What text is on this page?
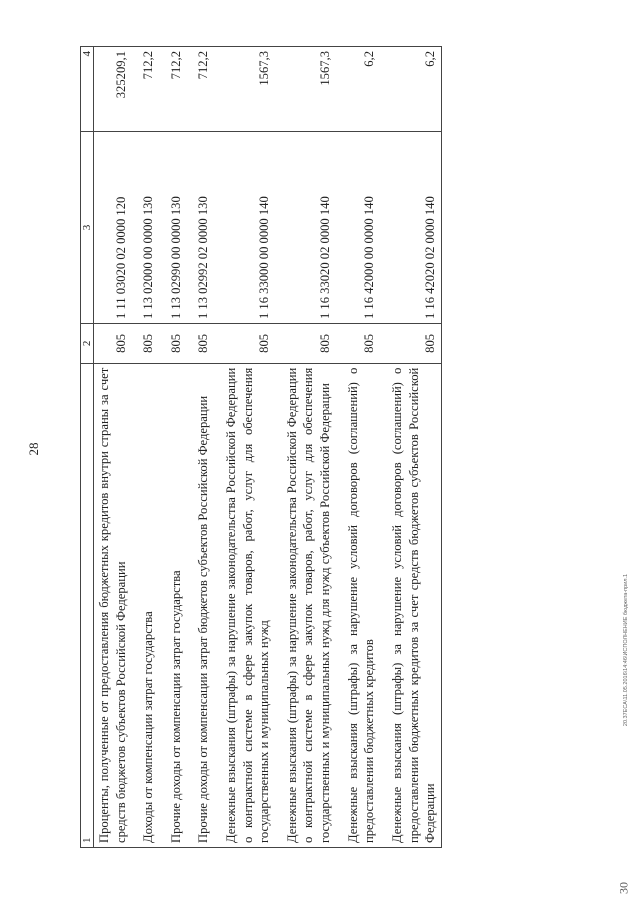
28
30
20.37ECA\11.05.2016\14:46\ИСПОЛНЕНИЕ бюджета-прил.1
1	2	3	4
Проценты, полученные от предоставления бюджетных кредитов внутри страны за счет средств бюджетов субъектов Российской Федерации	805	1 11 03020 02 0000 120	325209,1
Доходы от компенсации затрат государства	805	1 13 02000 00 0000 130	712,2
Прочие доходы от компенсации затрат государства	805	1 13 02990 00 0000 130	712,2
Прочие доходы от компенсации затрат бюджетов субъектов Российской Федерации	805	1 13 02992 02 0000 130	712,2
Денежные взыскания (штрафы) за нарушение законодательства Российской Федерации о контрактной системе в сфере закупок товаров, работ, услуг для обеспечения государственных и муниципальных нужд	805	1 16 33000 00 0000 140	1567,3
Денежные взыскания (штрафы) за нарушение законодательства Российской Федерации о контрактной системе в сфере закупок товаров, работ, услуг для обеспечения государственных и муниципальных нужд для нужд субъектов Российской Федерации	805	1 16 33020 02 0000 140	1567,3
Денежные взыскания (штрафы) за нарушение условий договоров (соглашений) о предоставлении бюджетных кредитов	805	1 16 42000 00 0000 140	6,2
Денежные взыскания (штрафы) за нарушение условий договоров (соглашений) о предоставлении бюджетных кредитов за счет средств бюджетов субъектов Российской Федерации	805	1 16 42020 02 0000 140	6,2
